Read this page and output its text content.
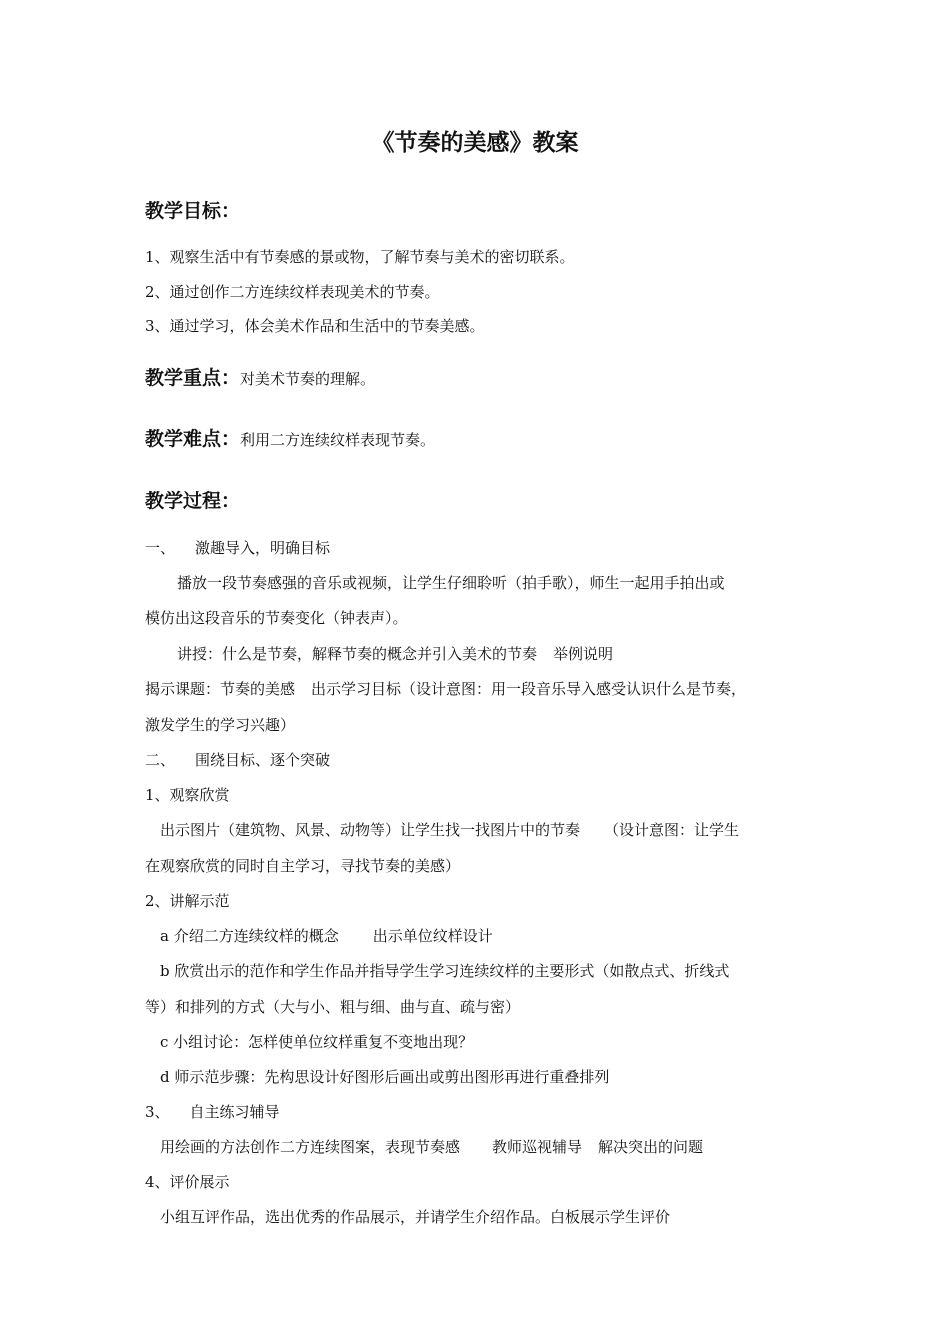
《节奏的美感》教案
教学目标：
1、观察生活中有节奏感的景或物，了解节奏与美术的密切联系。
2、通过创作二方连续纹样表现美术的节奏。
3、通过学习，体会美术作品和生活中的节奏美感。
教学重点：对美术节奏的理解。
教学难点：利用二方连续纹样表现节奏。
教学过程：
一、 激趣导入，明确目标
播放一段节奏感强的音乐或视频，让学生仔细聆听（拍手歌），师生一起用手拍出或
模仿出这段音乐的节奏变化（钟表声）。
讲授：什么是节奏，解释节奏的概念并引入美术的节奏 举例说明
揭示课题：节奏的美感 出示学习目标（设计意图：用一段音乐导入感受认识什么是节奏，
激发学生的学习兴趣）
二、 围绕目标、逐个突破
1、观察欣赏
出示图片（建筑物、风景、动物等）让学生找一找图片中的节奏 （设计意图：让学生
在观察欣赏的同时自主学习，寻找节奏的美感）
2、讲解示范
a 介绍二方连续纹样的概念 出示单位纹样设计
b 欣赏出示的范作和学生作品并指导学生学习连续纹样的主要形式（如散点式、折线式
等）和排列的方式（大与小、粗与细、曲与直、疏与密）
c 小组讨论：怎样使单位纹样重复不变地出现？
d 师示范步骤：先构思设计好图形后画出或剪出图形再进行重叠排列
3、 自主练习辅导
用绘画的方法创作二方连续图案，表现节奏感 教师巡视辅导 解决突出的问题
4、评价展示
小组互评作品，选出优秀的作品展示，并请学生介绍作品。白板展示学生评价
